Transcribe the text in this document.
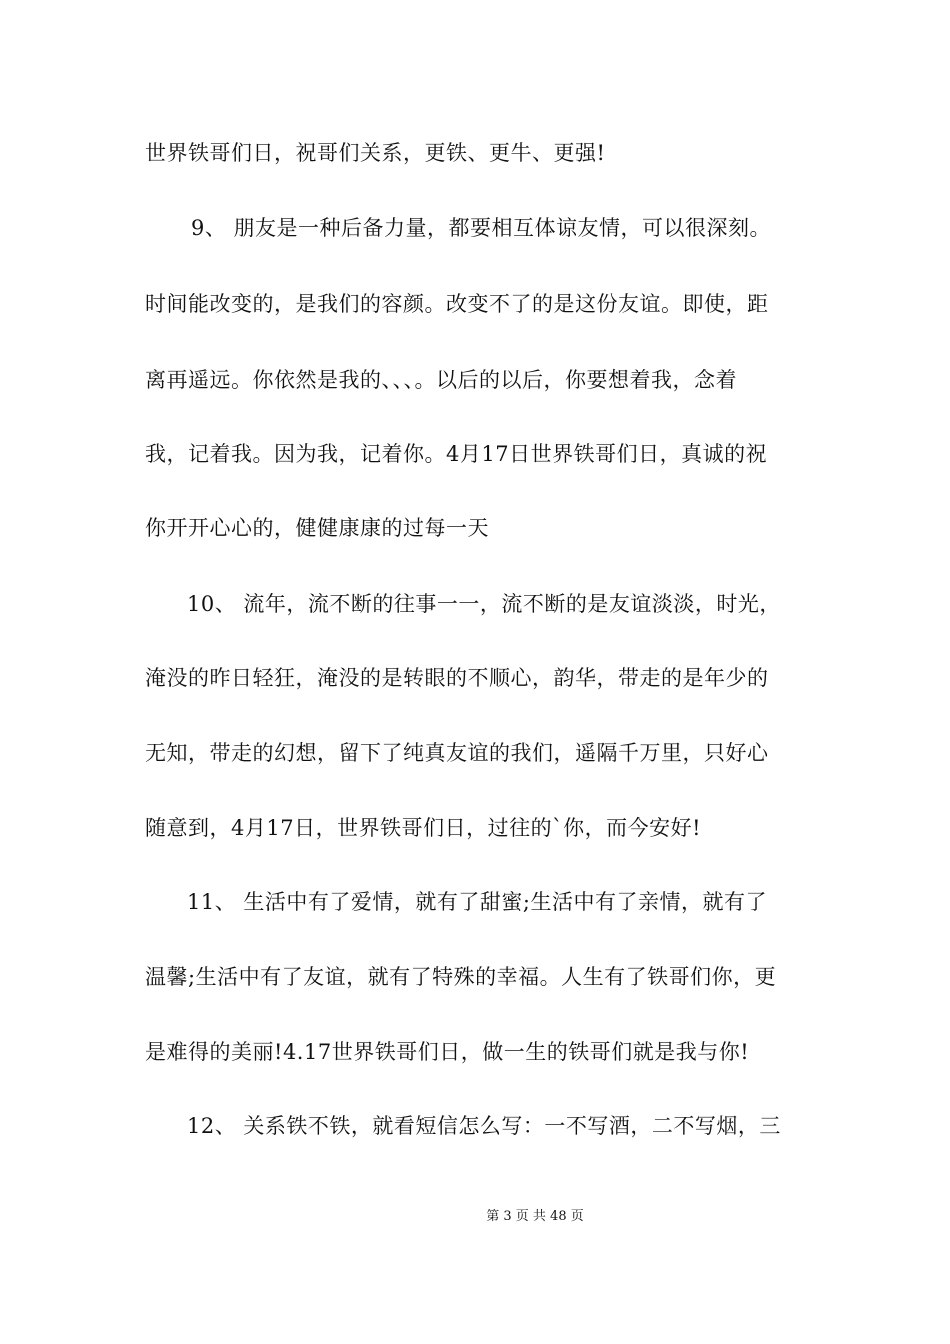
世界铁哥们日，祝哥们关系，更铁、更牛、更强!
9、 朋友是一种后备力量，都要相互体谅友情，可以很深刻。
时间能改变的，是我们的容颜。改变不了的是这份友谊。即使，距
离再遥远。你依然是我的、、、。以后的以后，你要想着我，念着
我，记着我。因为我，记着你。4月17日世界铁哥们日，真诚的祝
你开开心心的，健健康康的过每一天
10、 流年，流不断的往事一一，流不断的是友谊淡淡，时光，
淹没的昨日轻狂，淹没的是转眼的不顺心，韵华，带走的是年少的
无知，带走的幻想，留下了纯真友谊的我们，遥隔千万里，只好心
随意到，4月17日，世界铁哥们日，过往的`你，而今安好!
11、 生活中有了爱情，就有了甜蜜;生活中有了亲情，就有了
温馨;生活中有了友谊，就有了特殊的幸福。人生有了铁哥们你，更
是难得的美丽!4.17世界铁哥们日，做一生的铁哥们就是我与你!
12、 关系铁不铁，就看短信怎么写：一不写酒，二不写烟，三
第 3 页 共 48 页
